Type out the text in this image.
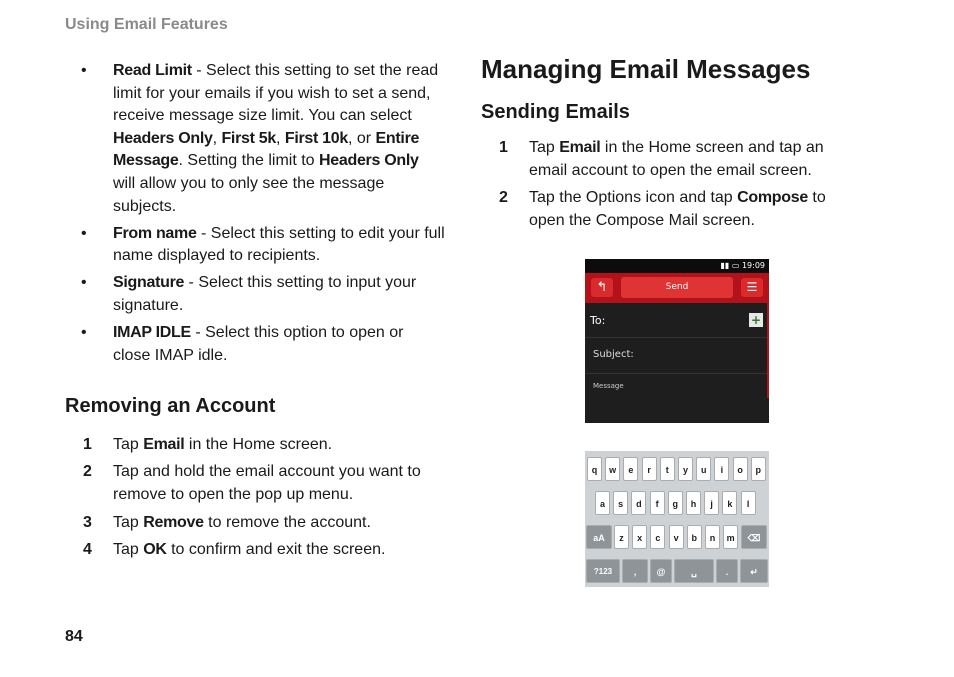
Using Email Features
• Read Limit - Select this setting to set the read limit for your emails if you wish to set a send, receive message size limit. You can select Headers Only, First 5k, First 10k, or Entire Message. Setting the limit to Headers Only will allow you to only see the message subjects.
• From name - Select this setting to edit your full name displayed to recipients.
• Signature - Select this setting to input your signature.
• IMAP IDLE - Select this option to open or close IMAP idle.
Removing an Account
1 Tap Email in the Home screen.
2 Tap and hold the email account you want to remove to open the pop up menu.
3 Tap Remove to remove the account.
4 Tap OK to confirm and exit the screen.
Managing Email Messages
Sending Emails
1 Tap Email in the Home screen and tap an email account to open the email screen.
2 Tap the Options icon and tap Compose to open the Compose Mail screen.
▮▮ ▭ 19:09
↰	Send	☰
To:	+
Subject:
Message
q	w	e	r	t	y	u	i	o	p
a	s	d	f	g	h	j	k	l
aA	⌫
z	x	c	v	b	n	m
?123	,	@	␣	.	↵
84
